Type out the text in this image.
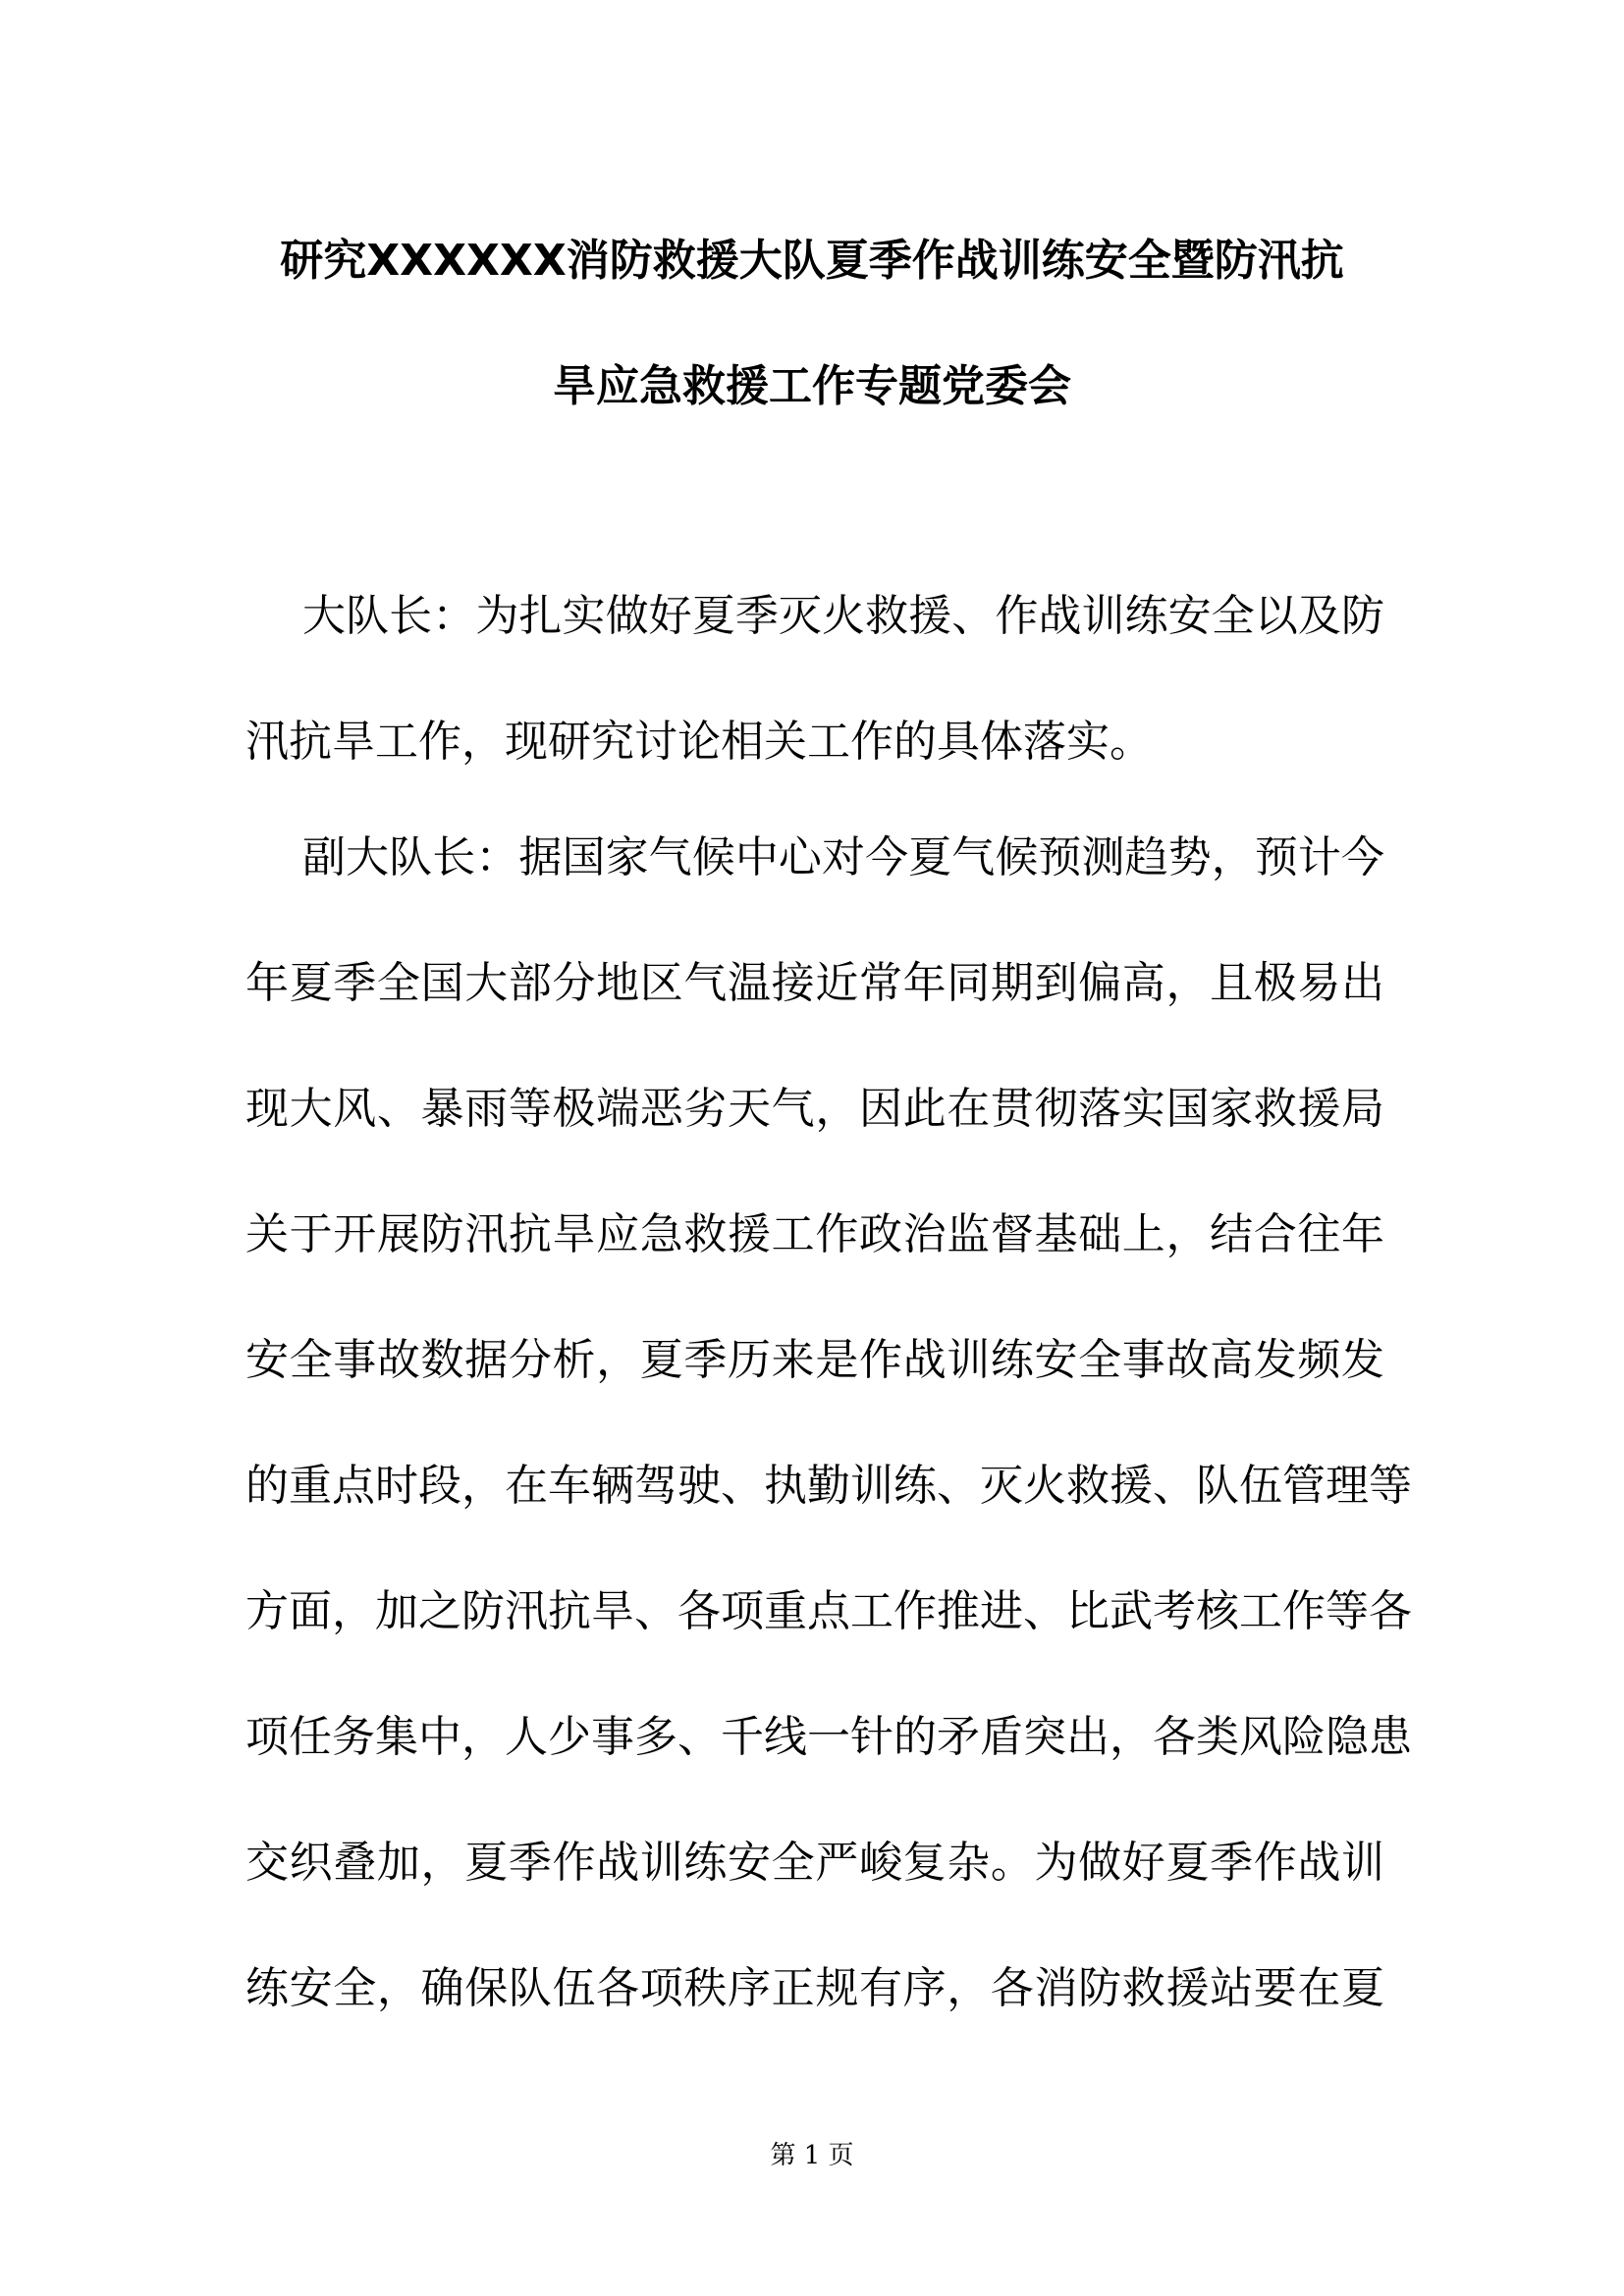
研究XXXXXX消防救援大队夏季作战训练安全暨防汛抗
旱应急救援工作专题党委会
大队长：为扎实做好夏季灭火救援、作战训练安全以及防
汛抗旱工作，现研究讨论相关工作的具体落实。
副大队长：据国家气候中心对今夏气候预测趋势，预计今
年夏季全国大部分地区气温接近常年同期到偏高，且极易出
现大风、暴雨等极端恶劣天气，因此在贯彻落实国家救援局
关于开展防汛抗旱应急救援工作政治监督基础上，结合往年
安全事故数据分析，夏季历来是作战训练安全事故高发频发
的重点时段，在车辆驾驶、执勤训练、灭火救援、队伍管理等
方面，加之防汛抗旱、各项重点工作推进、比武考核工作等各
项任务集中，人少事多、千线一针的矛盾突出，各类风险隐患
交织叠加，夏季作战训练安全严峻复杂。为做好夏季作战训
练安全，确保队伍各项秩序正规有序，各消防救援站要在夏
第 1 页
